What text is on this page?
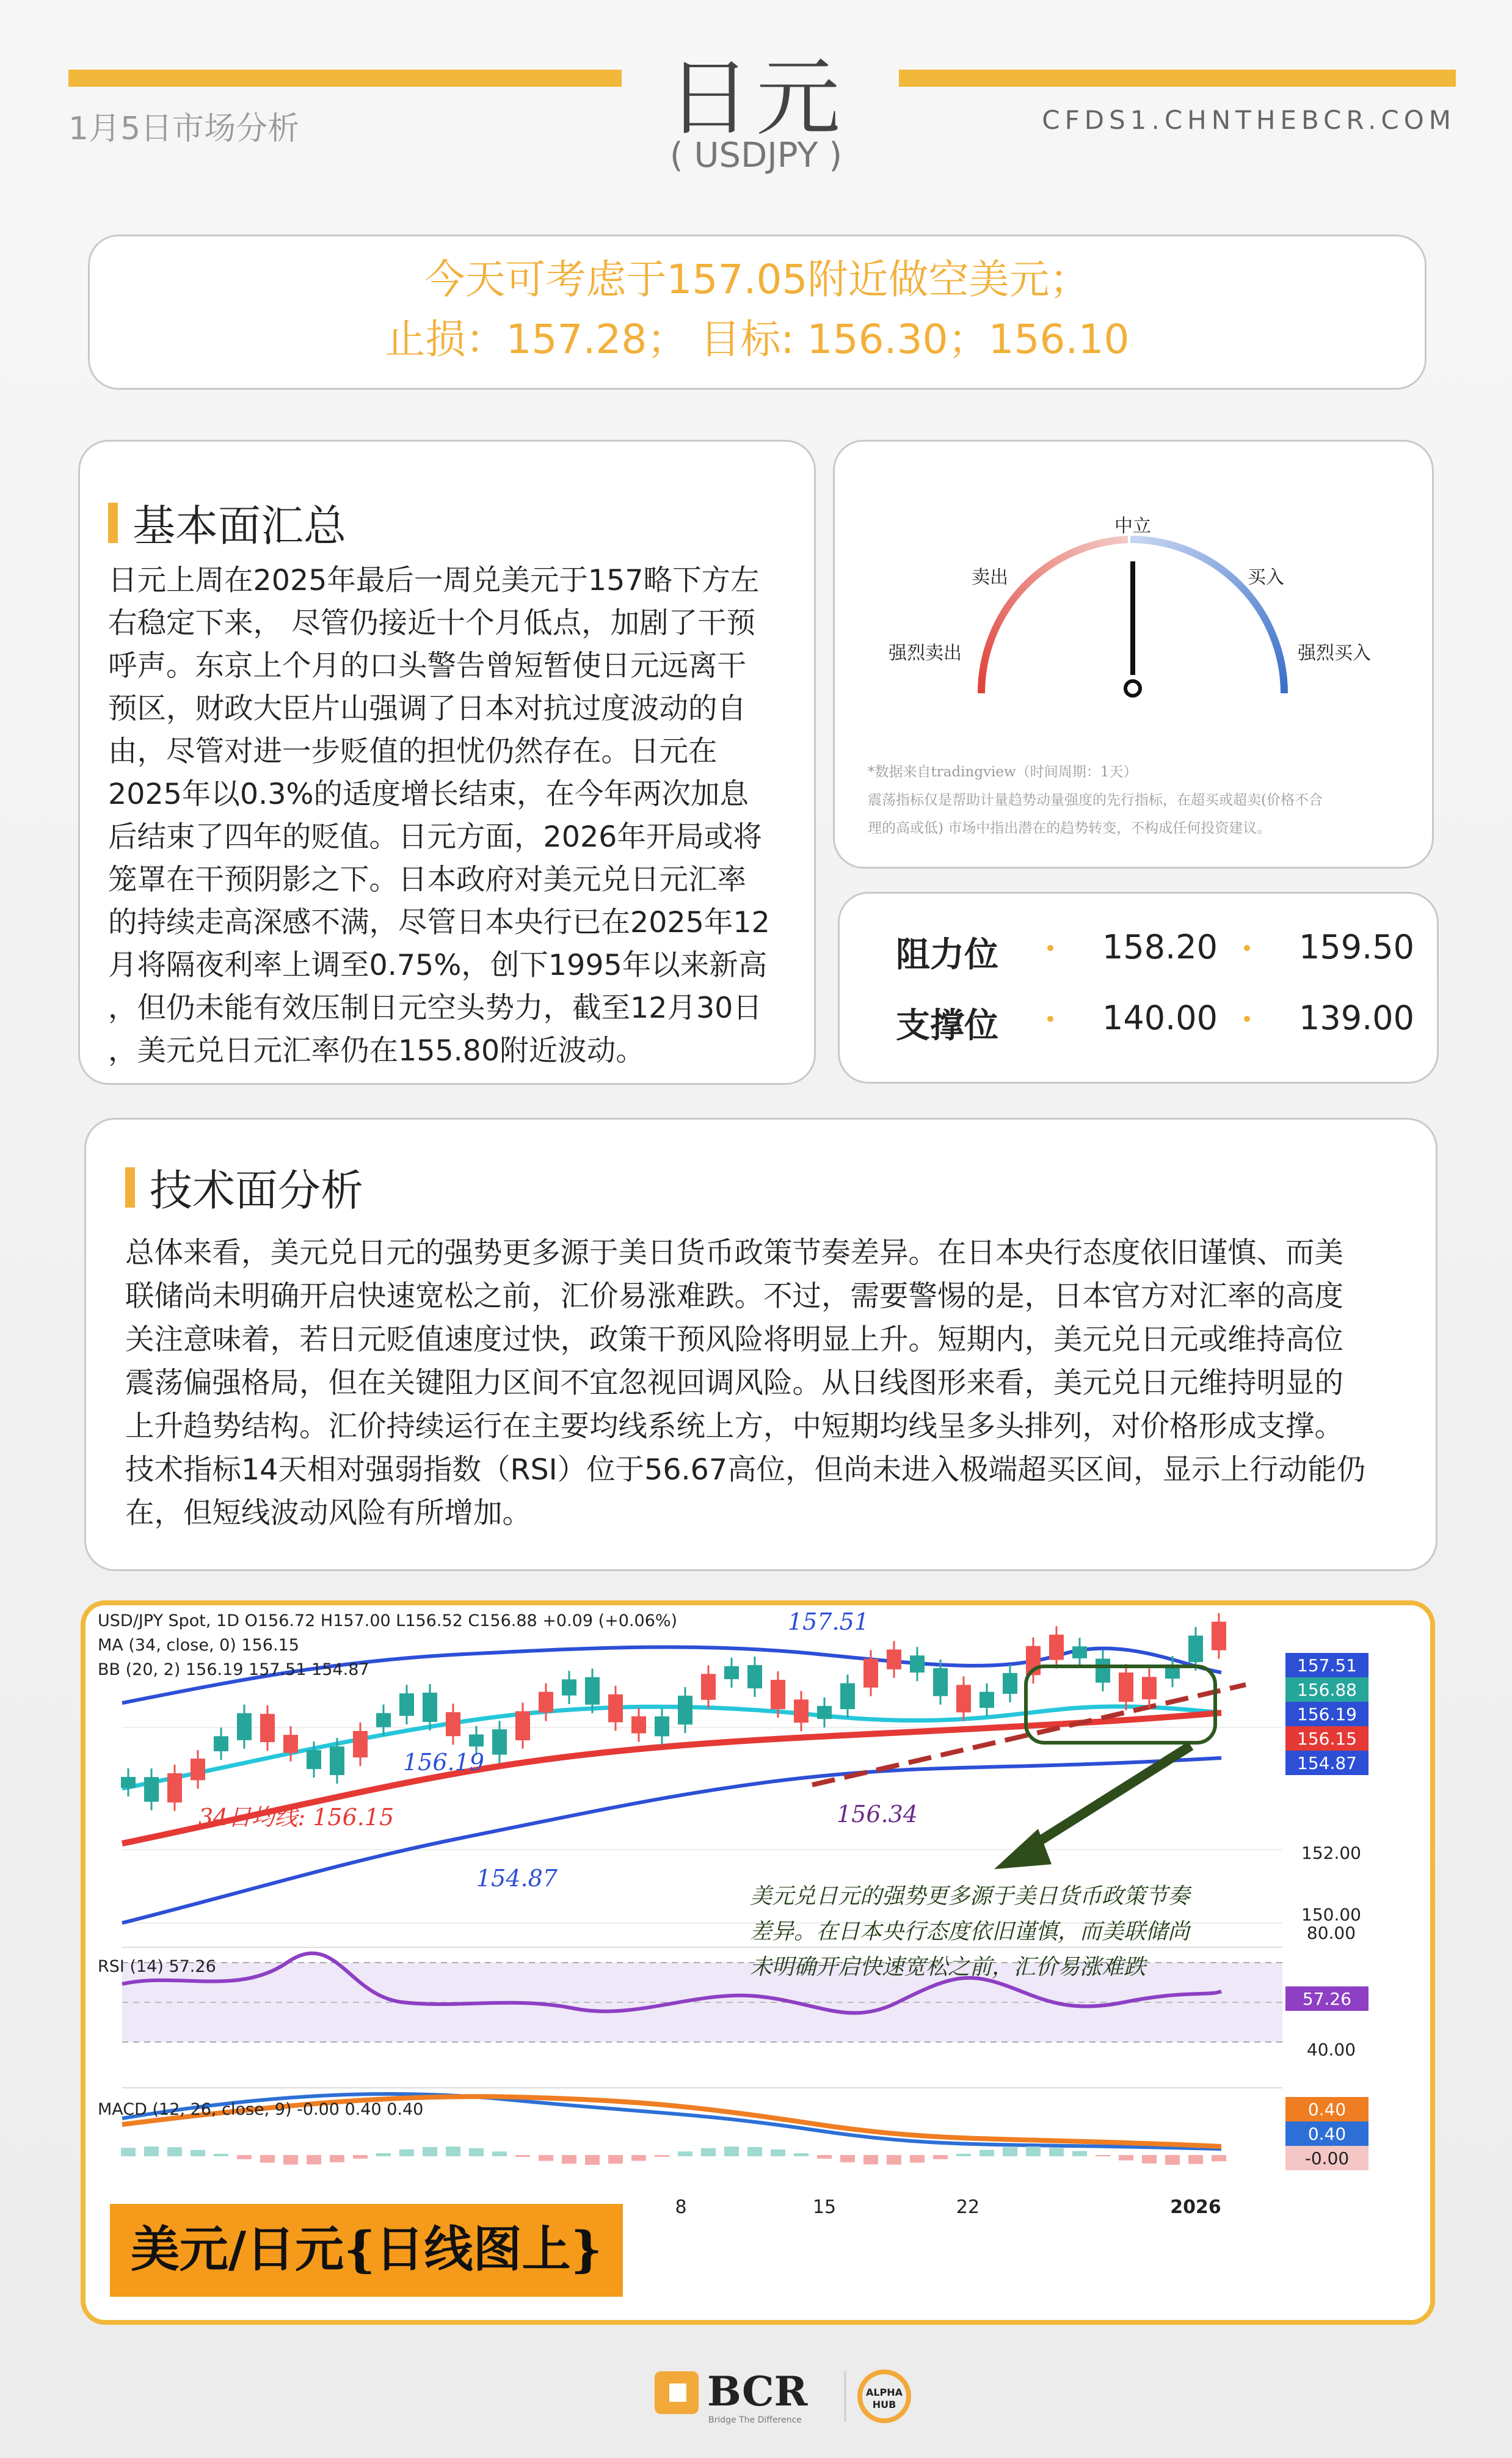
1月5日市场分析	日元
( USDJPY )
CFDS1.CHNTHEBCR.COM
今天可考虑于157.05附近做空美元；
止损：157.28； 目标: 156.30；156.10
基本面汇总
日元上周在2025年最后一周兑美元于157略下方左
右稳定下来， 尽管仍接近十个月低点，加剧了干预
呼声。东京上个月的口头警告曾短暂使日元远离干
预区，财政大臣片山强调了日本对抗过度波动的自
由，尽管对进一步贬值的担忧仍然存在。日元在
2025年以0.3%的适度增长结束，在今年两次加息
后结束了四年的贬值。日元方面，2026年开局或将
笼罩在干预阴影之下。日本政府对美元兑日元汇率
的持续走高深感不满，尽管日本央行已在2025年12
月将隔夜利率上调至0.75%，创下1995年以来新高
，但仍未能有效压制日元空头势力，截至12月30日
，美元兑日元汇率仍在155.80附近波动。
中立
卖出	买入
强烈卖出	强烈买入
*数据来自tradingview（时间周期：1天）
震荡指标仅是帮助计量趋势动量强度的先行指标，在超买或超卖(价格不合
理的高或低) 市场中指出潜在的趋势转变，不构成任何投资建议。
阻力位	158.20 159.50
支撑位	140.00 139.00
技术面分析
总体来看，美元兑日元的强势更多源于美日货币政策节奏差异。在日本央行态度依旧谨慎、而美
联储尚未明确开启快速宽松之前，汇价易涨难跌。不过，需要警惕的是，日本官方对汇率的高度
关注意味着，若日元贬值速度过快，政策干预风险将明显上升。短期内，美元兑日元或维持高位
震荡偏强格局，但在关键阻力区间不宜忽视回调风险。从日线图形来看，美元兑日元维持明显的
上升趋势结构。汇价持续运行在主要均线系统上方，中短期均线呈多头排列，对价格形成支撑。
技术指标14天相对强弱指数（RSI）位于56.67高位，但尚未进入极端超买区间，显示上行动能仍
在，但短线波动风险有所增加。
USD/JPY Spot, 1D O156.72 H157.00 L156.52 C156.88 +0.09 (+0.06%)
MA (34, close, 0) 156.15
BB (20, 2) 156.19 157.51 154.87
157.51
156.19
34日均线: 156.15
154.87
156.34
美元兑日元的强势更多源于美日货币政策节奏
差异。在日本央行态度依旧谨慎，而美联储尚
未明确开启快速宽松之前，汇价易涨难跌
RSI (14) 57.26
MACD (12, 26, close, 9) -0.00 0.40 0.40
157.51
156.88
156.19
156.15
154.87
152.00
150.00
80.00
40.00
57.26
0.40
0.40
-0.00
8	15	22	2026
美元/日元{日线图上}
BCR
Bridge The Difference
ALPHA
HUB
